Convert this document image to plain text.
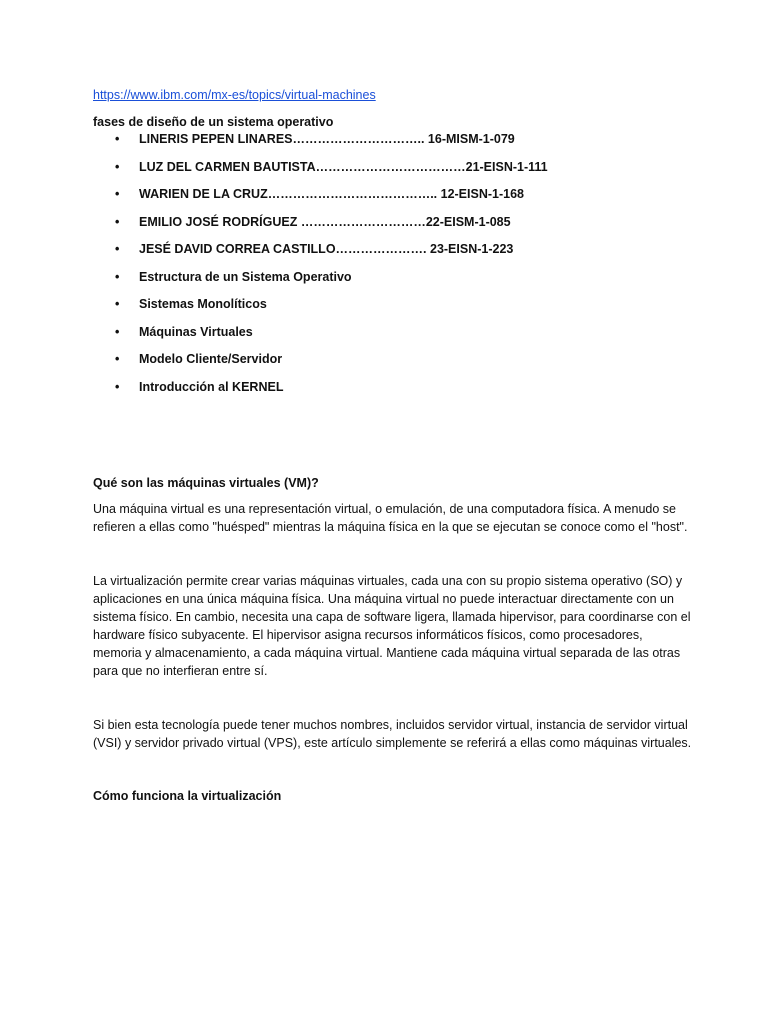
https://www.ibm.com/mx-es/topics/virtual-machines

fases de diseño de un sistema operativo

• LINERIS PEPEN LINARES………………………….. 16-MISM-1-079
• LUZ DEL CARMEN BAUTISTA………………………………21-EISN-1-111
• WARIEN DE LA CRUZ………………………………….. 12-EISN-1-168
• EMILIO JOSÉ RODRÍGUEZ …………………………22-EISM-1-085
• JESÉ DAVID CORREA CASTILLO…………………. 23-EISN-1-223
• Estructura de un Sistema Operativo
• Sistemas Monolíticos
• Máquinas Virtuales
• Modelo Cliente/Servidor
• Introducción al KERNEL

Qué son las máquinas virtuales (VM)?

Una máquina virtual es una representación virtual, o emulación, de una computadora física. A menudo se refieren a ellas como "huésped" mientras la máquina física en la que se ejecutan se conoce como el "host".

La virtualización permite crear varias máquinas virtuales, cada una con su propio sistema operativo (SO) y aplicaciones en una única máquina física. Una máquina virtual no puede interactuar directamente con un sistema físico. En cambio, necesita una capa de software ligera, llamada hipervisor, para coordinarse con el hardware físico subyacente. El hipervisor asigna recursos informáticos físicos, como procesadores, memoria y almacenamiento, a cada máquina virtual. Mantiene cada máquina virtual separada de las otras para que no interfieran entre sí.

Si bien esta tecnología puede tener muchos nombres, incluidos servidor virtual, instancia de servidor virtual (VSI) y servidor privado virtual (VPS), este artículo simplemente se referirá a ellas como máquinas virtuales.

Cómo funciona la virtualización
